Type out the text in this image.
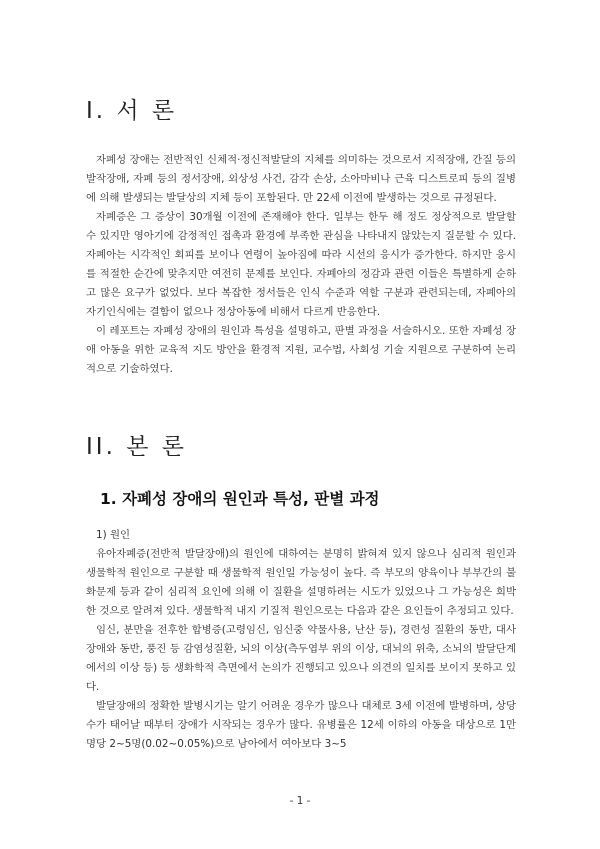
I. 서 론

자폐성 장애는 전반적인 신체적·정신적발달의 지체를 의미하는 것으로서 지적장애, 간질 등의 발작장애, 자폐 등의 정서장애, 외상성 사건, 감각 손상, 소아마비나 근육 디스트로피 등의 질병에 의해 발생되는 발달상의 지체 등이 포함된다. 만 22세 이전에 발생하는 것으로 규정된다.

자폐증은 그 증상이 30개월 이전에 존재해야 한다. 일부는 한두 해 정도 정상적으로 발달할 수 있지만 영아기에 감정적인 접촉과 환경에 부족한 관심을 나타내지 않았는지 질문할 수 있다. 자폐아는 시각적인 회피를 보이나 연령이 높아짐에 따라 시선의 응시가 증가한다. 하지만 응시를 적절한 순간에 맞추지만 여전히 문제를 보인다. 자폐아의 정감과 관련 이들은 특별하게 순하고 많은 요구가 없었다. 보다 복잡한 정서들은 인식 수준과 역할 구분과 관련되는데, 자폐아의 자기인식에는 결함이 없으나 정상아동에 비해서 다르게 반응한다.

이 레포트는 자폐성 장애의 원인과 특성을 설명하고, 판별 과정을 서술하시오. 또한 자폐성 장애 아동을 위한 교육적 지도 방안을 환경적 지원, 교수법, 사회성 기술 지원으로 구분하여 논리적으로 기술하였다.

II. 본 론
1. 자폐성 장애의 원인과 특성, 판별 과정
1) 원인

유아자폐증(전반적 발달장애)의 원인에 대하여는 분명히 밝혀져 있지 않으나 심리적 원인과 생물학적 원인으로 구분할 때 생물학적 원인일 가능성이 높다. 즉 부모의 양육이나 부부간의 불화문제 등과 같이 심리적 요인에 의해 이 질환을 설명하려는 시도가 있었으나 그 가능성은 희박한 것으로 알려져 있다. 생물학적 내지 기질적 원인으로는 다음과 같은 요인들이 추정되고 있다.

임신, 분만을 전후한 합병증(고령임신, 임신중 약물사용, 난산 등), 경련성 질환의 동반, 대사장애와 동반, 풍진 등 감염성질환, 뇌의 이상(측두엽부 위의 이상, 대뇌의 위축, 소뇌의 발달단계에서의 이상 등) 등 생화학적 측면에서 논의가 진행되고 있으나 의견의 일치를 보이지 못하고 있다.

발달장애의 정확한 발병시기는 알기 어려운 경우가 많으나 대체로 3세 이전에 발병하며, 상당수가 태어날 때부터 장애가 시작되는 경우가 많다. 유병률은 12세 이하의 아동을 대상으로 1만 명당 2~5명(0.02~0.05%)으로 남아에서 여아보다 3~5

- 1 -
